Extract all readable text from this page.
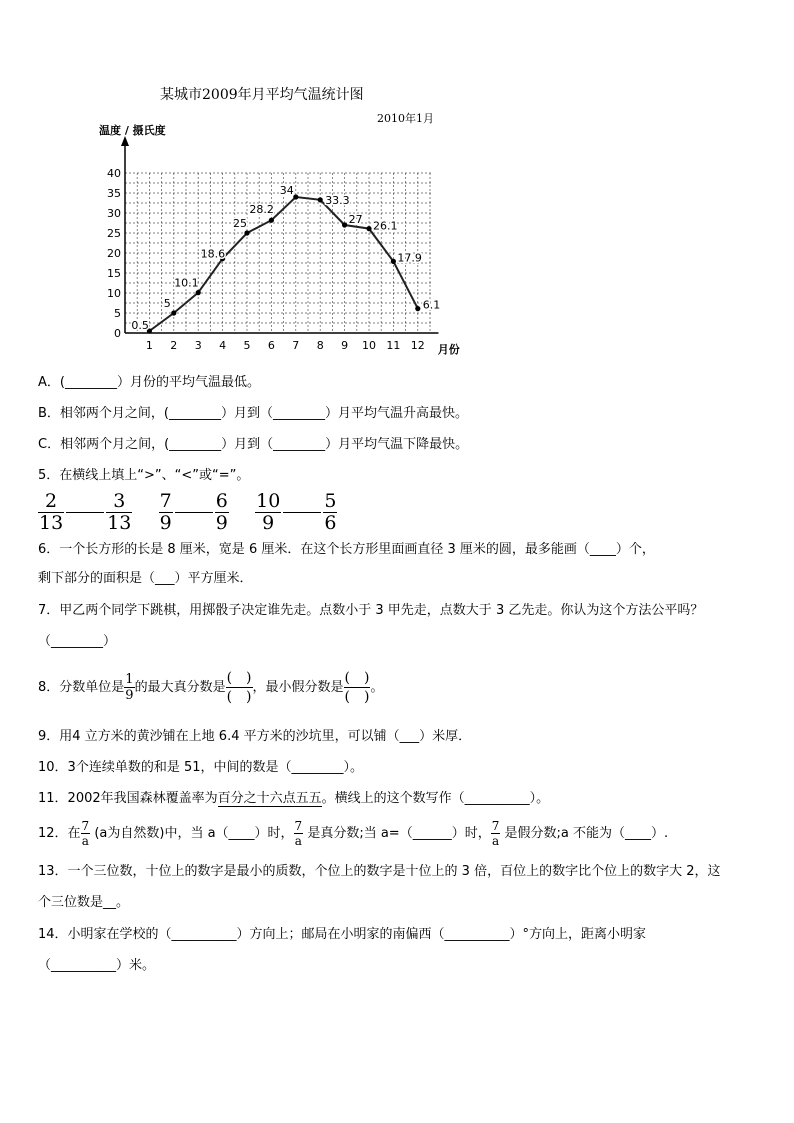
某城市2009年月平均气温统计图
2010年1月
0
5
10
15
20
25
30
35
40
1 2 3 4 5 6 7 8 9 10 11 12
温度 / 摄氏度
月份
0.5
5
10.1
18.6
25
28.2
34
33.3
27
26.1
17.9
6.1
A．(________）月份的平均气温最低。
B．相邻两个月之间，(________）月到（________）月平均气温升高最快。
C．相邻两个月之间，(________）月到（________）月平均气温下降最快。
5．在横线上填上“>”、“<”或“=”。
$\frac{2}{13} \frac{3}{13}$
$\frac{7}{9} \frac{6}{9}$
$\frac{10}{9} \frac{5}{6}$
6．一个长方形的长是 8 厘米，宽是 6 厘米．在这个长方形里面画直径 3 厘米的圆，最多能画（____）个，
剩下部分的面积是（___）平方厘米．
7．甲乙两个同学下跳棋，用掷骰子决定谁先走。点数小于 3 甲先走，点数大于 3 乙先走。你认为这个方法公平吗？
（________）
8．分数单位是 $\frac{1}{9}$ 的最大真分数是 $\frac{( )}{( )}$ ，最小假分数是 $\frac{( )}{( )}$ 。
9．用4 立方米的黄沙铺在上地 6.4 平方米的沙坑里，可以铺（___）米厚．
10．3个连续单数的和是 51，中间的数是（________）。
11．2002年我国森林覆盖率为百分之十六点五五。横线上的这个数写作（__________）。
12．在 $\frac{7}{a} (a$为自然数)中，当 a（____）时， $\frac{7}{a}$ 是真分数;当 a=（______）时， $\frac{7}{a}$ 是假分数;a 不能为（____）.
13．一个三位数，十位上的数字是最小的质数，个位上的数字是十位上的 3 倍，百位上的数字比个位上的数字大 2，这
个三位数是__。
14．小明家在学校的（__________）方向上；邮局在小明家的南偏西（__________）°方向上，距离小明家
（__________）米。
